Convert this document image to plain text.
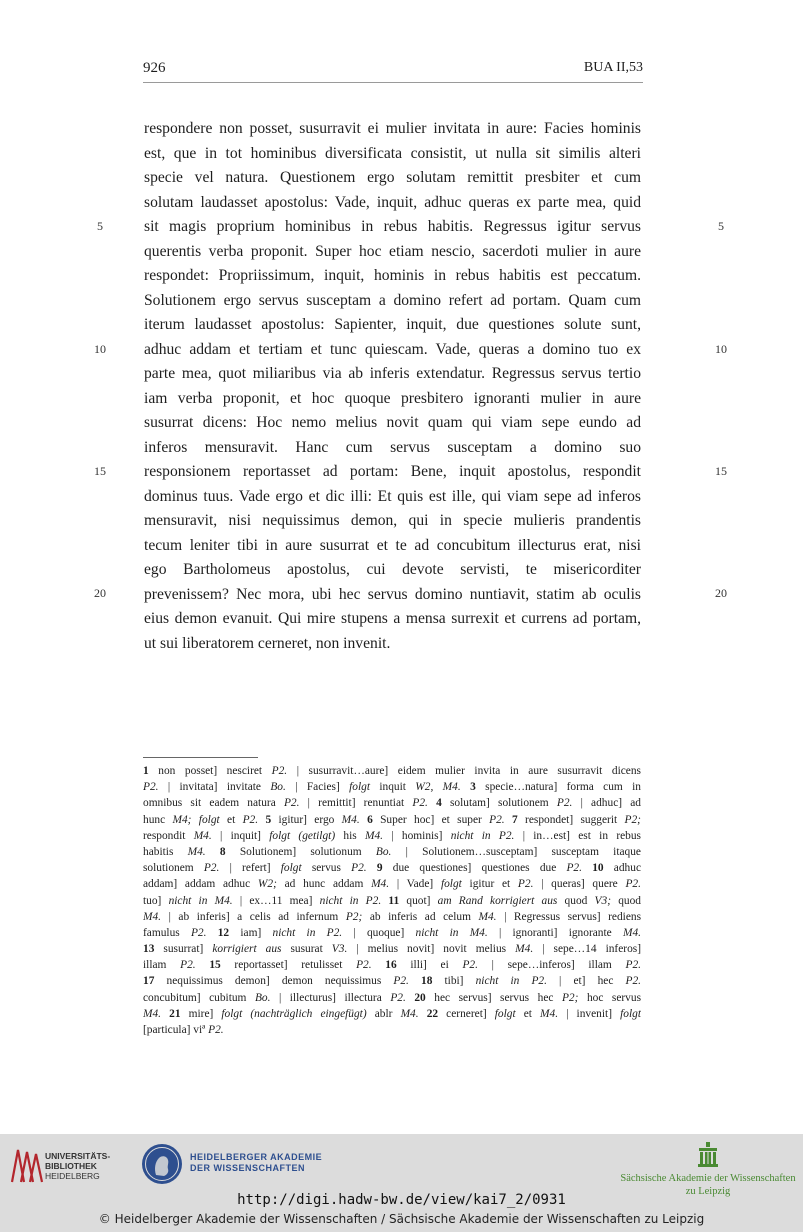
926	BUA II,53
respondere non posset, susurravit ei mulier invitata in aure: Facies hominis
est, que in tot hominibus diversificata consistit, ut nulla sit similis alteri
specie vel natura. Questionem ergo solutam remittit presbiter et cum
solutam laudasset apostolus: Vade, inquit, adhuc queras ex parte mea, quid
sit magis proprium hominibus in rebus habitis. Regressus igitur servus
querentis verba proponit. Super hoc etiam nescio, sacerdoti mulier in aure
respondet: Propriissimum, inquit, hominis in rebus habitis est peccatum.
Solutionem ergo servus susceptam a domino refert ad portam. Quam cum
iterum laudasset apostolus: Sapienter, inquit, due questiones solute sunt,
adhuc addam et tertiam et tunc quiescam. Vade, queras a domino tuo ex
parte mea, quot miliaribus via ab inferis extendatur. Regressus servus tertio
iam verba proponit, et hoc quoque presbitero ignoranti mulier in aure
susurrat dicens: Hoc nemo melius novit quam qui viam sepe eundo ad
inferos mensuravit. Hanc cum servus susceptam a domino suo
responsionem reportasset ad portam: Bene, inquit apostolus, respondit
dominus tuus. Vade ergo et dic illi: Et quis est ille, qui viam sepe ad inferos
mensuravit, nisi nequissimus demon, qui in specie mulieris prandentis
tecum leniter tibi in aure susurrat et te ad concubitum illecturus erat, nisi
ego Bartholomeus apostolus, cui devote servisti, te misericorditer
prevenissem? Nec mora, ubi hec servus domino nuntiavit, statim ab oculis
eius demon evanuit. Qui mire stupens a mensa surrexit et currens ad portam,
ut sui liberatorem cerneret, non invenit.
5	5
10	10
15	15
20	20
1 non posset] nesciret P2. | susurravit…aure] eidem mulier invita in aure susurravit dicens
P2. | invitata] invitate Bo. | Facies] folgt inquit W2, M4. 3 specie…natura] forma cum in
omnibus sit eadem natura P2. | remittit] renuntiat P2. 4 solutam] solutionem P2. | adhuc] ad
hunc M4; folgt et P2. 5 igitur] ergo M4. 6 Super hoc] et super P2. 7 respondet] suggerit P2;
respondit M4. | inquit] folgt (getilgt) his M4. | hominis] nicht in P2. | in…est] est in rebus
habitis M4. 8 Solutionem] solutionum Bo. | Solutionem…susceptam] susceptam itaque
solutionem P2. | refert] folgt servus P2. 9 due questiones] questiones due P2. 10 adhuc
addam] addam adhuc W2; ad hunc addam M4. | Vade] folgt igitur et P2. | queras] quere P2.
tuo] nicht in M4. | ex…11 mea] nicht in P2. 11 quot] am Rand korrigiert aus quod V3; quod
M4. | ab inferis] a celis ad infernum P2; ab inferis ad celum M4. | Regressus servus] rediens
famulus P2. 12 iam] nicht in P2. | quoque] nicht in M4. | ignoranti] ignorante M4.
13 susurrat] korrigiert aus susurat V3. | melius novit] novit melius M4. | sepe…14 inferos]
illam P2. 15 reportasset] retulisset P2. 16 illi] ei P2. | sepe…inferos] illam P2.
17 nequissimus demon] demon nequissimus P2. 18 tibi] nicht in P2. | et] hec P2.
concubitum] cubitum Bo. | illecturus] illectura P2. 20 hec servus] servus hec P2; hoc servus
M4. 21 mire] folgt (nachträglich eingefügt) ablr M4. 22 cerneret] folgt et M4. | invenit] folgt
[particula] viª P2.
UNIVERSITÄTS-
BIBLIOTHEK
HEIDELBERG
HEIDELBERGER AKADEMIE
DER WISSENSCHAFTEN
Sächsische Akademie der Wissenschaften
zu Leipzig
http://digi.hadw-bw.de/view/kai7_2/0931
© Heidelberger Akademie der Wissenschaften / Sächsische Akademie der Wissenschaften zu Leipzig
